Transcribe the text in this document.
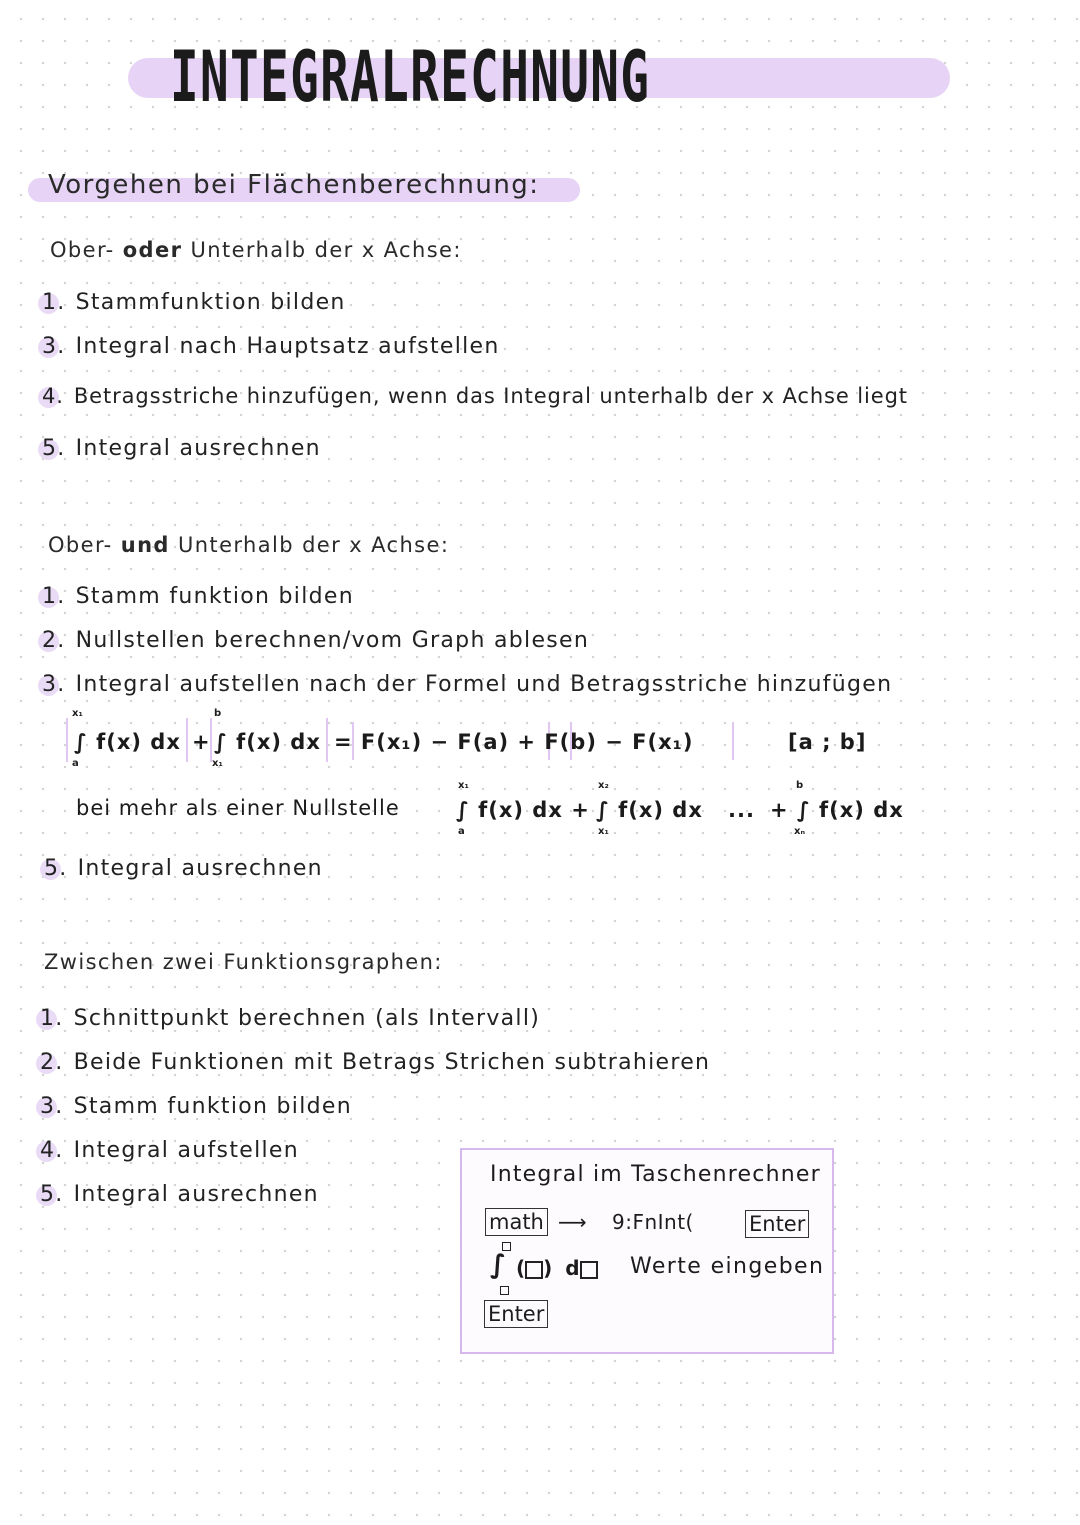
INTEGRALRECHNUNG
Vorgehen bei Flächenberechnung:
Ober- oder Unterhalb der x Achse:
1. Stammfunktion bilden
3. Integral nach Hauptsatz aufstellen
4. Betragsstriche hinzufügen, wenn das Integral unterhalb der x Achse liegt
5. Integral ausrechnen
Ober- und Unterhalb der x Achse:
1. Stamm funktion bilden
2. Nullstellen berechnen/vom Graph ablesen
3. Integral aufstellen nach der Formel und Betragsstriche hinzufügen
x₁
a
∫ f(x) dx +
b
x₁
∫ f(x) dx = F(x₁) − F(a) + F(b) − F(x₁)	[a ; b]
bei mehr als einer Nullstelle
x₁
a
∫ f(x) dx +
x₂
x₁
∫ f(x) dx ...
b
xₙ
+ ∫ f(x) dx
5. Integral ausrechnen
Zwischen zwei Funktionsgraphen:
1. Schnittpunkt berechnen (als Intervall)
2. Beide Funktionen mit Betrags Strichen subtrahieren
3. Stamm funktion bilden
4. Integral aufstellen
5. Integral ausrechnen
Integral im Taschenrechner
math ⟶ 9:FnInt(	Enter
∫ ( ) d	Werte eingeben
Enter
